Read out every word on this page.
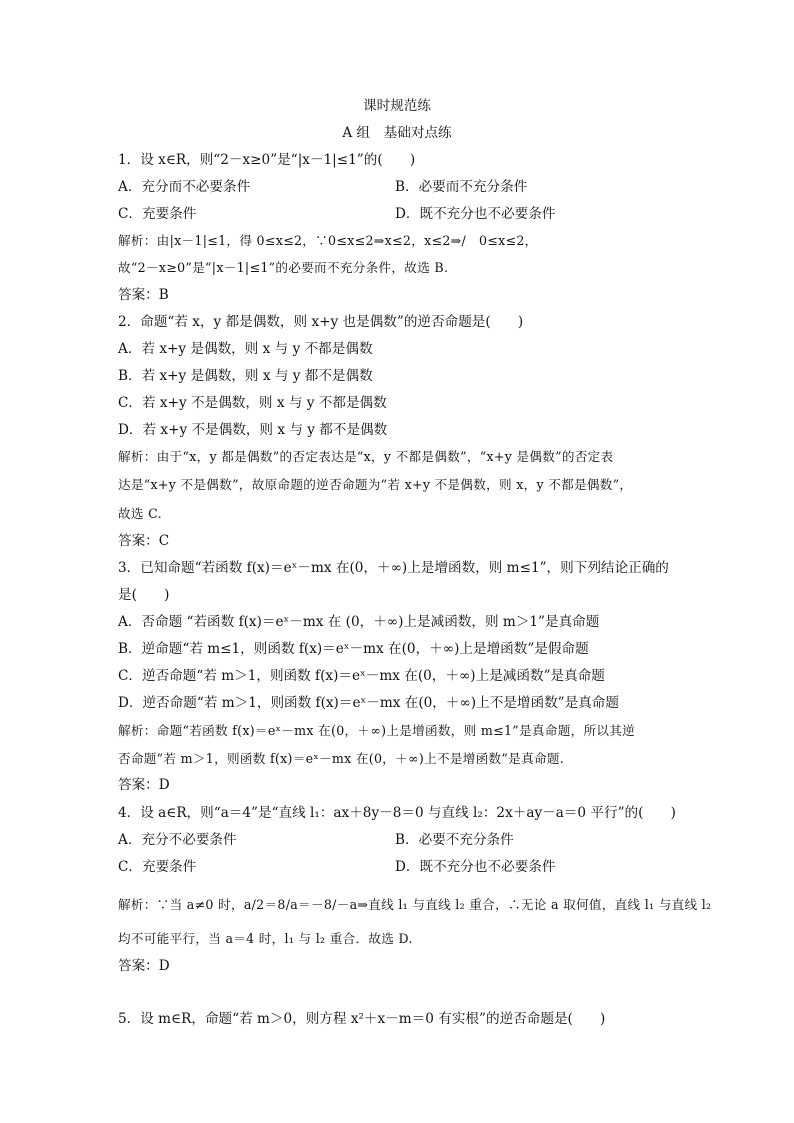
课时规范练
A 组　基础对点练
1．设 x∈R，则“2－x≥0”是“|x－1|≤1”的(　　)
A．充分而不必要条件	B．必要而不充分条件
C．充要条件	D．既不充分也不必要条件
解析：由|x－1|≤1，得 0≤x≤2，∵0≤x≤2⇒x≤2，x≤2⇒/　0≤x≤2，
故“2－x≥0”是“|x－1|≤1”的必要而不充分条件，故选 B.
答案：B
2．命题“若 x，y 都是偶数，则 x+y 也是偶数”的逆否命题是(　　)
A．若 x+y 是偶数，则 x 与 y 不都是偶数
B．若 x+y 是偶数，则 x 与 y 都不是偶数
C．若 x+y 不是偶数，则 x 与 y 不都是偶数
D．若 x+y 不是偶数，则 x 与 y 都不是偶数
解析：由于“x，y 都是偶数”的否定表达是“x，y 不都是偶数”，“x+y 是偶数”的否定表
达是“x+y 不是偶数”，故原命题的逆否命题为“若 x+y 不是偶数，则 x，y 不都是偶数”，
故选 C.
答案：C
3．已知命题“若函数 f(x)＝eˣ－mx 在(0，＋∞)上是增函数，则 m≤1”，则下列结论正确的
是(　　)
A．否命题 “若函数 f(x)＝eˣ－mx 在 (0，＋∞)上是减函数，则 m＞1”是真命题
B．逆命题“若 m≤1，则函数 f(x)＝eˣ－mx 在(0，＋∞)上是增函数”是假命题
C．逆否命题“若 m＞1，则函数 f(x)＝eˣ－mx 在(0，＋∞)上是减函数”是真命题
D．逆否命题“若 m＞1，则函数 f(x)＝eˣ－mx 在(0，＋∞)上不是增函数”是真命题
解析：命题“若函数 f(x)＝eˣ－mx 在(0，＋∞)上是增函数，则 m≤1”是真命题，所以其逆
否命题“若 m＞1，则函数 f(x)＝eˣ－mx 在(0，＋∞)上不是增函数”是真命题.
答案：D
4．设 a∈R，则“a＝4”是“直线 l₁：ax＋8y－8＝0 与直线 l₂：2x＋ay－a＝0 平行”的(　　)
A．充分不必要条件	B．必要不充分条件
C．充要条件	D．既不充分也不必要条件
解析：∵当 a≠0 时，a/2＝8/a＝－8/－a⇒直线 l₁ 与直线 l₂ 重合，∴无论 a 取何值，直线 l₁ 与直线 l₂
均不可能平行，当 a＝4 时，l₁ 与 l₂ 重合．故选 D.
答案：D
5．设 m∈R，命题“若 m＞0，则方程 x²＋x－m＝0 有实根”的逆否命题是(　　)
